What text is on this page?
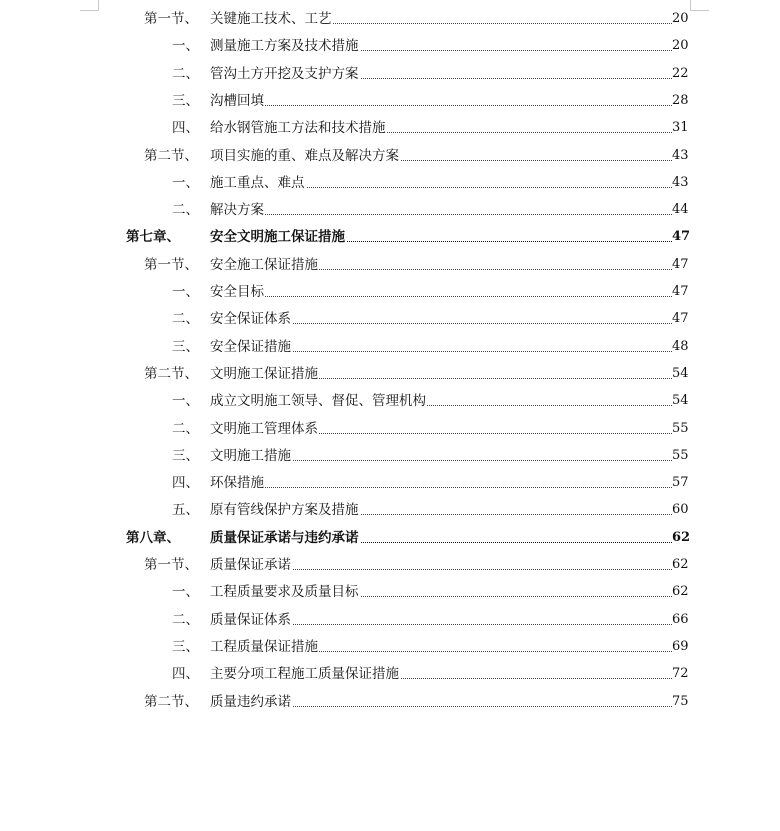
第一节、 关键施工技术、工艺	20
一、 测量施工方案及技术措施	20
二、 管沟土方开挖及支护方案	22
三、 沟槽回填	28
四、 给水钢管施工方法和技术措施	31
第二节、 项目实施的重、难点及解决方案	43
一、 施工重点、难点	43
二、 解决方案	44
第七章、 安全文明施工保证措施	47
第一节、 安全施工保证措施	47
一、 安全目标	47
二、 安全保证体系	47
三、 安全保证措施	48
第二节、 文明施工保证措施	54
一、 成立文明施工领导、督促、管理机构	54
二、 文明施工管理体系	55
三、 文明施工措施	55
四、 环保措施	57
五、 原有管线保护方案及措施	60
第八章、 质量保证承诺与违约承诺	62
第一节、 质量保证承诺	62
一、 工程质量要求及质量目标	62
二、 质量保证体系	66
三、 工程质量保证措施	69
四、 主要分项工程施工质量保证措施	72
第二节、 质量违约承诺	75
